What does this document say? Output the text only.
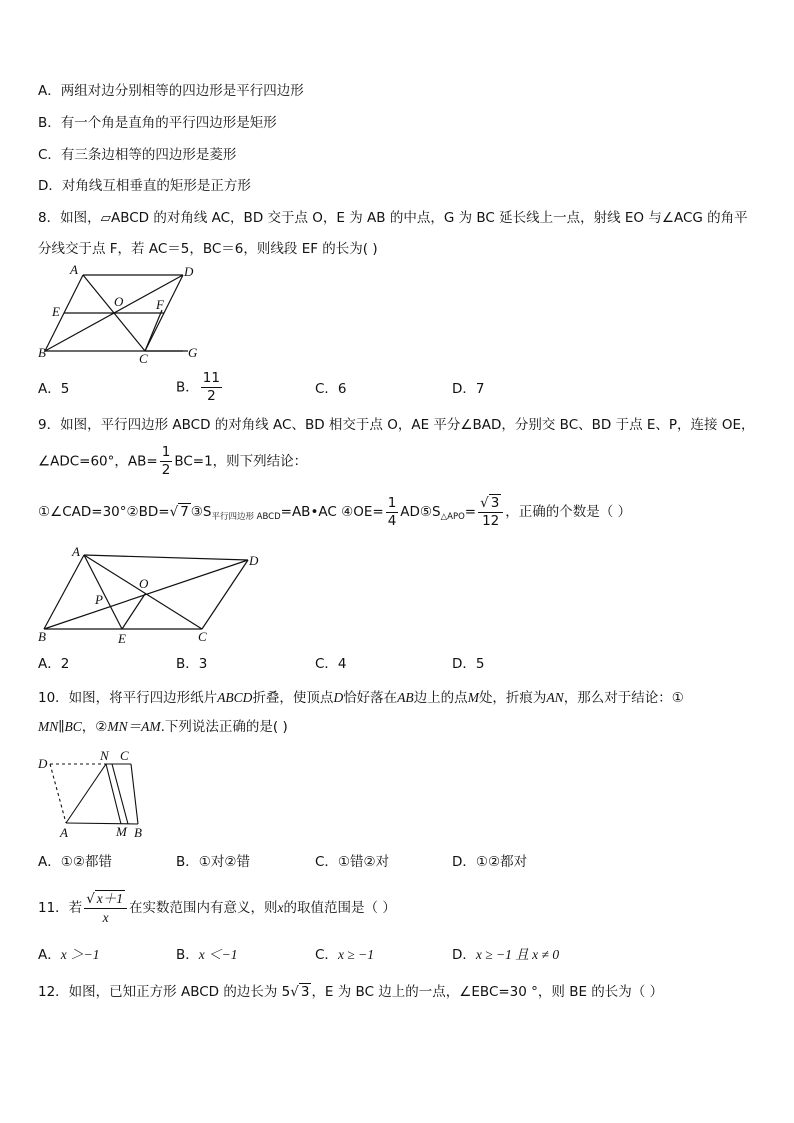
A．两组对边分别相等的四边形是平行四边形
B．有一个角是直角的平行四边形是矩形
C．有三条边相等的四边形是菱形
D．对角线互相垂直的矩形是正方形
8．如图，▱ABCD 的对角线 AC，BD 交于点 O，E 为 AB 的中点，G 为 BC 延长线上一点，射线 EO 与∠ACG 的角平
分线交于点 F，若 AC＝5，BC＝6，则线段 EF 的长为( )
A	D
E
O	F
B	C	G
A．5	B． $\frac{11}{2}$	C．6	D．7
9．如图，平行四边形 ABCD 的对角线 AC、BD 相交于点 O，AE 平分∠BAD，分别交 BC、BD 于点 E、P，连接 OE，
∠ADC=60°，$AB= \frac{1}{2} BC=1$，则下列结论：
①∠CAD=30°②BD=√ 7 $③S_{平行四边形 ABCD}=AB•AC$ ④OE= $\frac{1}{4}$ $AD⑤S_{\triangle APO}= \frac{√ 3}{12}$ ，正确的个数是（ ）
A
D
O
P
B	E	C
A．2	B．3	C．4	D．5
10．如图，将平行四边形纸片ABCD折叠，使顶点D恰好落在AB边上的点M处，折痕为AN，那么对于结论：①
MN∥BC，②MN＝AM.下列说法正确的是( )
D
N C
A	M B
A．①②都错	B．①对②错	C．①错②对	D．①②都对
11．若 $\frac{√ x+1}{x}$ 在实数范围内有意义，则x的取值范围是（ ）
A．x ＞−1	B．x ＜−1	C．x ≥ −1	D．x ≥ −1 且 x ≠ 0
12．如图，已知正方形 ABCD 的边长为 5√ 3 ，E 为 BC 边上的一点，∠EBC=30 °，则 BE 的长为（ ）
